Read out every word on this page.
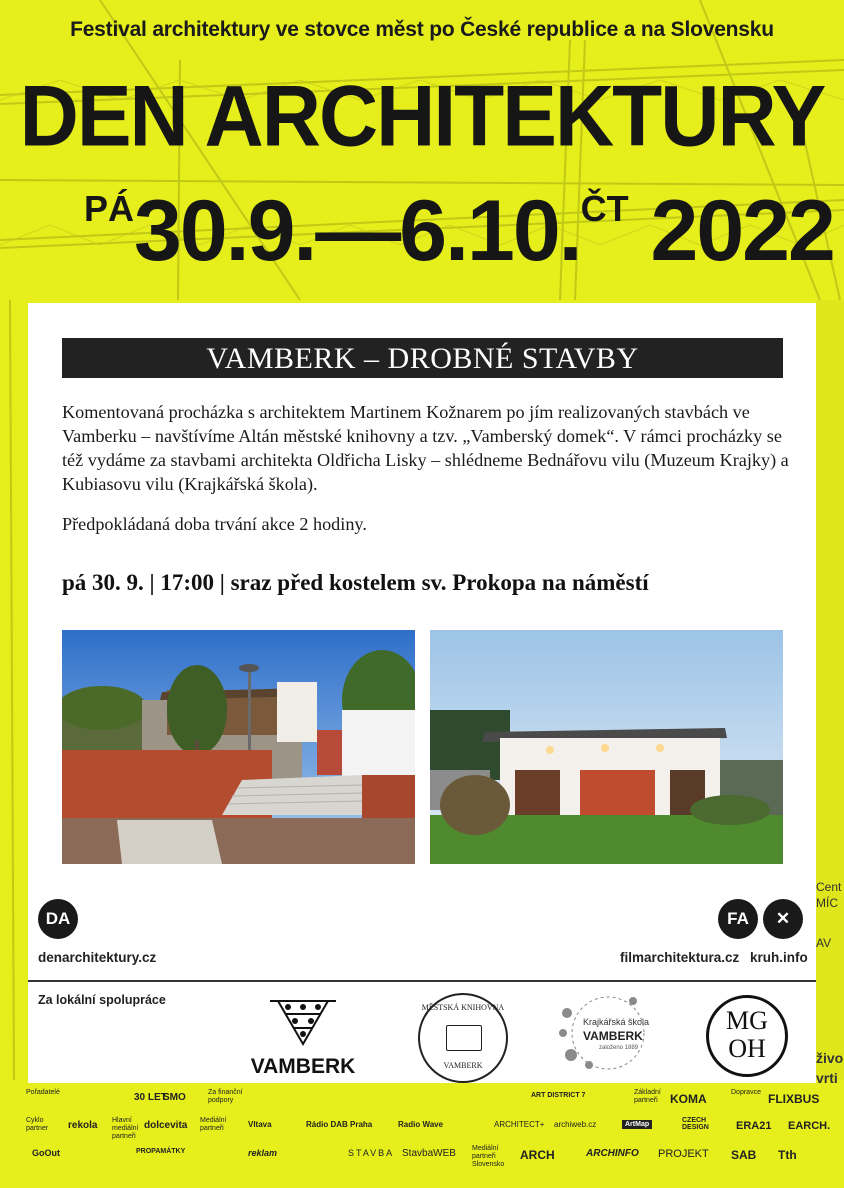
Festival architektury ve stovce měst po České republice a na Slovensku
DEN ARCHITEKTURY
PÁ30.9.—6.10.ČT 2022
Cent
MÍC
AV
živo
vrti
VAMBERK – DROBNÉ STAVBY

Komentovaná procházka s architektem Martinem Kožnarem po jím realizovaných stavbách ve Vamberku – navštívíme Altán městské knihovny a tzv. „Vamberský domek“. V rámci procházky se též vydáme za stavbami architekta Oldřicha Lisky – shlédneme Bednářovu vilu (Muzeum Krajky) a Kubiasovu vilu (Krajkářská škola).

Předpokládaná doba trvání akce 2 hodiny.

pá 30. 9. | 17:00 | sraz před kostelem sv. Prokopa na náměstí
DA
denarchitektury.cz
FA	✕
filmarchitektura.cz kruh.info
Za lokální spolupráce
VAMBERK
MĚSTSKÁ KNIHOVNA
VAMBERK
Krajkářská škola
VAMBERK
založeno 1889
MG
OH
Pořadatelé	30 LET
SMO	Za finanční podpory
ART DISTRICT 7	Základní partneři	KOMA	Dopravce FLIXBUS
Cyklo partner	rekola Hlavní mediální partneři
dolcevita Mediální partneři	Vltava	Rádio DAB Praha	Radio Wave	ARCHITECT+ archiweb.cz	ArtMap
CZECH DESIGN ERA21 EARCH.
GoOut	PROPAMÁTKY	reklam	STAVBA StavbaWEB Mediální partneři Slovensko
ARCH	ARCHINFO PROJEKT SAB Tth
